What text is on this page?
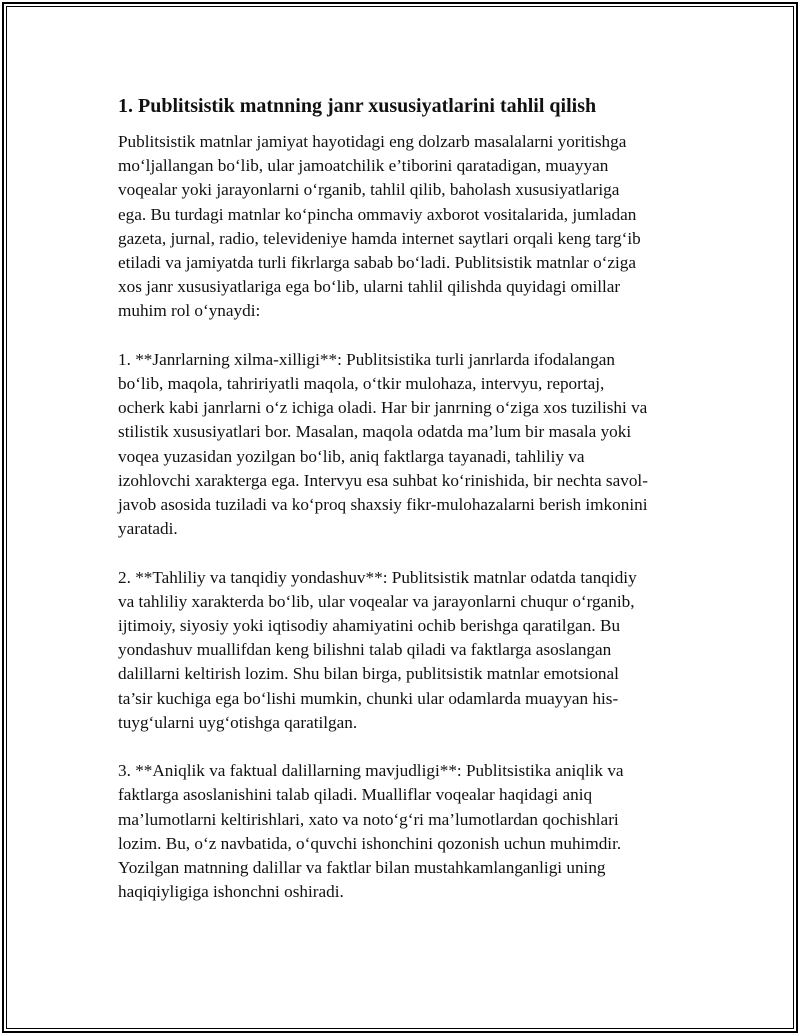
1. Publitsistik matnning janr xususiyatlarini tahlil qilish

Publitsistik matnlar jamiyat hayotidagi eng dolzarb masalalarni yoritishga
mo‘ljallangan bo‘lib, ular jamoatchilik e’tiborini qaratadigan, muayyan
voqealar yoki jarayonlarni o‘rganib, tahlil qilib, baholash xususiyatlariga
ega. Bu turdagi matnlar ko‘pincha ommaviy axborot vositalarida, jumladan
gazeta, jurnal, radio, televideniye hamda internet saytlari orqali keng targ‘ib
etiladi va jamiyatda turli fikrlarga sabab bo‘ladi. Publitsistik matnlar o‘ziga
xos janr xususiyatlariga ega bo‘lib, ularni tahlil qilishda quyidagi omillar
muhim rol o‘ynaydi:

1. **Janrlarning xilma-xilligi**: Publitsistika turli janrlarda ifodalangan
bo‘lib, maqola, tahririyatli maqola, o‘tkir mulohaza, intervyu, reportaj,
ocherk kabi janrlarni o‘z ichiga oladi. Har bir janrning o‘ziga xos tuzilishi va
stilistik xususiyatlari bor. Masalan, maqola odatda ma’lum bir masala yoki
voqea yuzasidan yozilgan bo‘lib, aniq faktlarga tayanadi, tahliliy va
izohlovchi xarakterga ega. Intervyu esa suhbat ko‘rinishida, bir nechta savol-
javob asosida tuziladi va ko‘proq shaxsiy fikr-mulohazalarni berish imkonini
yaratadi.

2. **Tahliliy va tanqidiy yondashuv**: Publitsistik matnlar odatda tanqidiy
va tahliliy xarakterda bo‘lib, ular voqealar va jarayonlarni chuqur o‘rganib,
ijtimoiy, siyosiy yoki iqtisodiy ahamiyatini ochib berishga qaratilgan. Bu
yondashuv muallifdan keng bilishni talab qiladi va faktlarga asoslangan
dalillarni keltirish lozim. Shu bilan birga, publitsistik matnlar emotsional
ta’sir kuchiga ega bo‘lishi mumkin, chunki ular odamlarda muayyan his-
tuyg‘ularni uyg‘otishga qaratilgan.

3. **Aniqlik va faktual dalillarning mavjudligi**: Publitsistika aniqlik va
faktlarga asoslanishini talab qiladi. Mualliflar voqealar haqidagi aniq
ma’lumotlarni keltirishlari, xato va noto‘g‘ri ma’lumotlardan qochishlari
lozim. Bu, o‘z navbatida, o‘quvchi ishonchini qozonish uchun muhimdir.
Yozilgan matnning dalillar va faktlar bilan mustahkamlanganligi uning
haqiqiyligiga ishonchni oshiradi.
